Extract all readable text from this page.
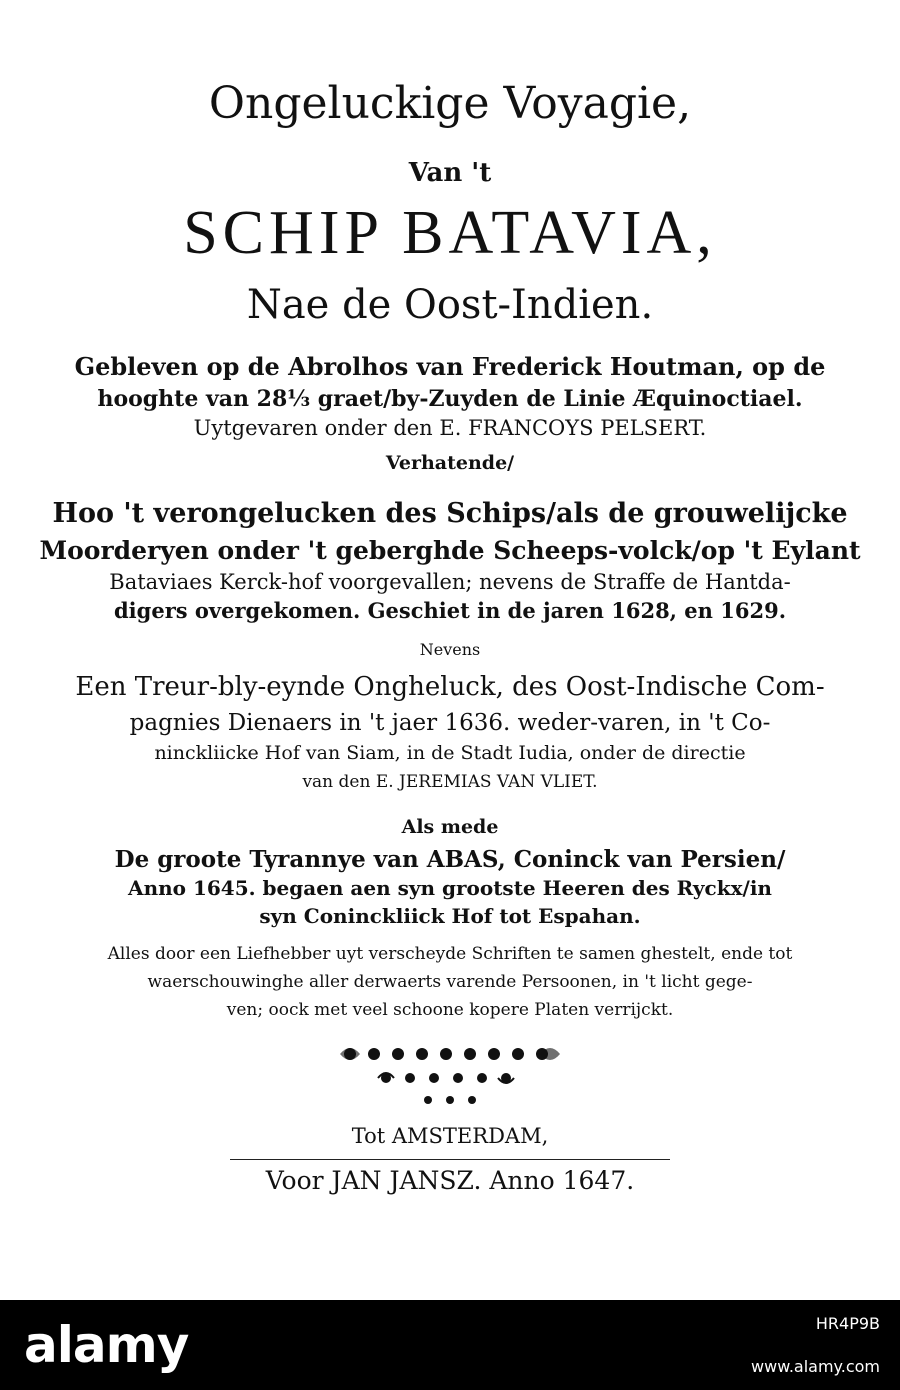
Ongeluckige Voyagie,
Van 't
SCHIP BATAVIA,
Nae de Oost-Indien.
Gebleven op de Abrolhos van Frederick Houtman, op de
hooghte van 28⅓ graet/by-Zuyden de Linie Æquinoctiael.
Uytgevaren onder den E. FRANCOYS PELSERT.
Verhatende/
Hoo 't verongelucken des Schips/als de grouwelijcke
Moorderyen onder 't geberghde Scheeps-volck/op 't Eylant
Bataviaes Kerck-hof voorgevallen; nevens de Straffe de Hantda-
digers overgekomen. Geschiet in de jaren 1628, en 1629.
Nevens
Een Treur-bly-eynde Ongheluck, des Oost-Indische Com-
pagnies Dienaers in 't jaer 1636. weder-varen, in 't Co-
ninckliicke Hof van Siam, in de Stadt Iudia, onder de directie
van den E. JEREMIAS VAN VLIET.
Als mede
De groote Tyrannye van ABAS, Coninck van Persien/
Anno 1645. begaen aen syn grootste Heeren des Ryckx/in
syn Coninckliick Hof tot Espahan.
Alles door een Liefhebber uyt verscheyde Schriften te samen ghestelt, ende tot
waerschouwinghe aller derwaerts varende Persoonen, in 't licht gege-
ven; oock met veel schoone kopere Platen verrijckt.
Tot AMSTERDAM,
Voor JAN JANSZ. Anno 1647.
alamy	HR4P9B
www.alamy.com
